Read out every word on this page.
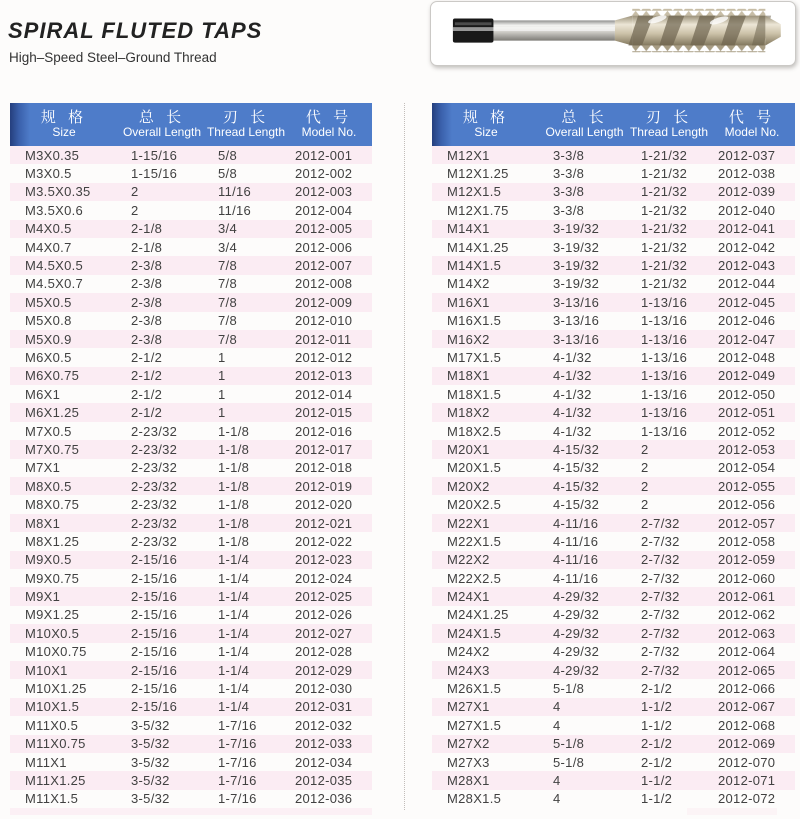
SPIRAL FLUTED TAPS
High–Speed Steel–Ground Thread
规 格
Size
总 长
Overall Length
刃 长
Thread Length
代 号
Model No.
M3X0.35	1-15/16	5/8	2012-001
M3X0.5	1-15/16	5/8	2012-002
M3.5X0.35	2	11/16	2012-003
M3.5X0.6	2	11/16	2012-004
M4X0.5	2-1/8	3/4	2012-005
M4X0.7	2-1/8	3/4	2012-006
M4.5X0.5	2-3/8	7/8	2012-007
M4.5X0.7	2-3/8	7/8	2012-008
M5X0.5	2-3/8	7/8	2012-009
M5X0.8	2-3/8	7/8	2012-010
M5X0.9	2-3/8	7/8	2012-011
M6X0.5	2-1/2	1	2012-012
M6X0.75	2-1/2	1	2012-013
M6X1	2-1/2	1	2012-014
M6X1.25	2-1/2	1	2012-015
M7X0.5	2-23/32	1-1/8	2012-016
M7X0.75	2-23/32	1-1/8	2012-017
M7X1	2-23/32	1-1/8	2012-018
M8X0.5	2-23/32	1-1/8	2012-019
M8X0.75	2-23/32	1-1/8	2012-020
M8X1	2-23/32	1-1/8	2012-021
M8X1.25	2-23/32	1-1/8	2012-022
M9X0.5	2-15/16	1-1/4	2012-023
M9X0.75	2-15/16	1-1/4	2012-024
M9X1	2-15/16	1-1/4	2012-025
M9X1.25	2-15/16	1-1/4	2012-026
M10X0.5	2-15/16	1-1/4	2012-027
M10X0.75	2-15/16	1-1/4	2012-028
M10X1	2-15/16	1-1/4	2012-029
M10X1.25	2-15/16	1-1/4	2012-030
M10X1.5	2-15/16	1-1/4	2012-031
M11X0.5	3-5/32	1-7/16	2012-032
M11X0.75	3-5/32	1-7/16	2012-033
M11X1	3-5/32	1-7/16	2012-034
M11X1.25	3-5/32	1-7/16	2012-035
M11X1.5	3-5/32	1-7/16	2012-036
规 格
Size
总 长
Overall Length
刃 长
Thread Length
代 号
Model No.
M12X1	3-3/8	1-21/32	2012-037
M12X1.25	3-3/8	1-21/32	2012-038
M12X1.5	3-3/8	1-21/32	2012-039
M12X1.75	3-3/8	1-21/32	2012-040
M14X1	3-19/32	1-21/32	2012-041
M14X1.25	3-19/32	1-21/32	2012-042
M14X1.5	3-19/32	1-21/32	2012-043
M14X2	3-19/32	1-21/32	2012-044
M16X1	3-13/16	1-13/16	2012-045
M16X1.5	3-13/16	1-13/16	2012-046
M16X2	3-13/16	1-13/16	2012-047
M17X1.5	4-1/32	1-13/16	2012-048
M18X1	4-1/32	1-13/16	2012-049
M18X1.5	4-1/32	1-13/16	2012-050
M18X2	4-1/32	1-13/16	2012-051
M18X2.5	4-1/32	1-13/16	2012-052
M20X1	4-15/32	2	2012-053
M20X1.5	4-15/32	2	2012-054
M20X2	4-15/32	2	2012-055
M20X2.5	4-15/32	2	2012-056
M22X1	4-11/16	2-7/32	2012-057
M22X1.5	4-11/16	2-7/32	2012-058
M22X2	4-11/16	2-7/32	2012-059
M22X2.5	4-11/16	2-7/32	2012-060
M24X1	4-29/32	2-7/32	2012-061
M24X1.25	4-29/32	2-7/32	2012-062
M24X1.5	4-29/32	2-7/32	2012-063
M24X2	4-29/32	2-7/32	2012-064
M24X3	4-29/32	2-7/32	2012-065
M26X1.5	5-1/8	2-1/2	2012-066
M27X1	4	1-1/2	2012-067
M27X1.5	4	1-1/2	2012-068
M27X2	5-1/8	2-1/2	2012-069
M27X3	5-1/8	2-1/2	2012-070
M28X1	4	1-1/2	2012-071
M28X1.5	4	1-1/2	2012-072
